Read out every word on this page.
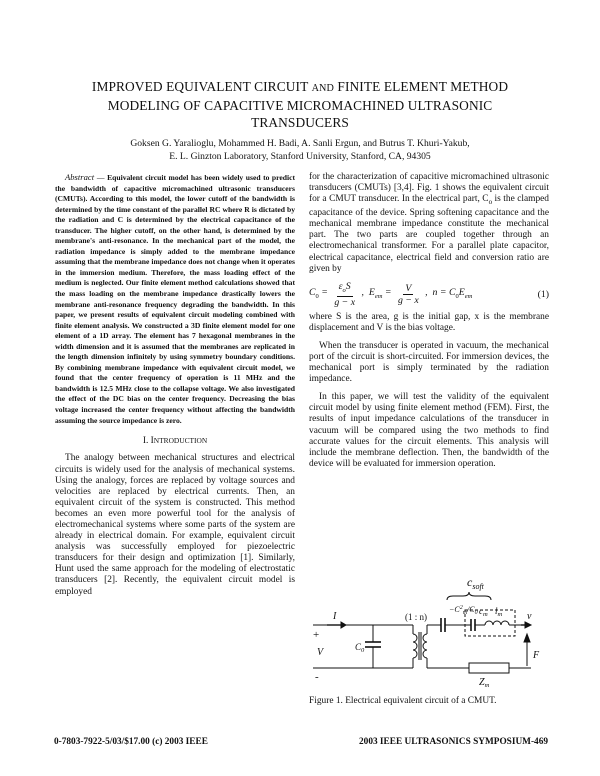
IMPROVED EQUIVALENT CIRCUIT AND FINITE ELEMENT METHOD
MODELING OF CAPACITIVE MICROMACHINED ULTRASONIC
TRANSDUCERS
Goksen G. Yaralioglu, Mohammed H. Badi, A. Sanli Ergun, and Butrus T. Khuri-Yakub,
E. L. Ginzton Laboratory, Stanford University, Stanford, CA, 94305

Abstract — Equivalent circuit model has been widely used to predict the bandwidth of capacitive micromachined ultrasonic transducers (CMUTs). According to this model, the lower cutoff of the bandwidth is determined by the time constant of the parallel RC where R is dictated by the radiation and C is determined by the electrical capacitance of the transducer. The higher cutoff, on the other hand, is determined by the membrane's anti-resonance. In the mechanical part of the model, the radiation impedance is simply added to the membrane impedance assuming that the membrane impedance does not change when it operates in the immersion medium. Therefore, the mass loading effect of the medium is neglected. Our finite element method calculations showed that the mass loading on the membrane impedance drastically lowers the membrane anti-resonance frequency degrading the bandwidth. In this paper, we present results of equivalent circuit modeling combined with finite element analysis. We constructed a 3D finite element model for one element of a 1D array. The element has 7 hexagonal membranes in the width dimension and it is assumed that the membranes are replicated in the length dimension infinitely by using symmetry boundary conditions. By combining membrane impedance with equivalent circuit model, we found that the center frequency of operation is 11 MHz and the bandwidth is 12.5 MHz close to the collapse voltage. We also investigated the effect of the DC bias on the center frequency. Decreasing the bias voltage increased the center frequency without affecting the bandwidth assuming the source impedance is zero.

I. INTRODUCTION

The analogy between mechanical structures and electrical circuits is widely used for the analysis of mechanical systems. Using the analogy, forces are replaced by voltage sources and velocities are replaced by electrical currents. Then, an equivalent circuit of the system is constructed. This method becomes an even more powerful tool for the analysis of electromechanical systems where some parts of the system are already in electrical domain. For example, equivalent circuit analysis was successfully employed for piezoelectric transducers for their design and optimization [1]. Similarly, Hunt used the same approach for the modeling of electrostatic transducers [2]. Recently, the equivalent circuit model is employed

for the characterization of capacitive micromachined ultrasonic transducers (CMUTs) [3,4]. Fig. 1 shows the equivalent circuit for a CMUT transducer. In the electrical part, $C_o$ is the clamped capacitance of the device. Spring softening capacitance and the mechanical membrane impedance constitute the mechanical part. The two parts are coupled together through an electromechanical transformer. For a parallel plate capacitor, electrical capacitance, electrical field and conversion ratio are given by

$C_0 = \frac{\varepsilon_oS}{g - x}$ ,  $E_{em} = \frac{V}{g - x}$ ,  $n = C_0E_{em}$	(1)

where S is the area, g is the initial gap, x is the membrane displacement and V is the bias voltage.

When the transducer is operated in vacuum, the mechanical port of the circuit is short-circuited. For immersion devices, the mechanical port is simply terminated by the radiation impedance.

In this paper, we will test the validity of the equivalent circuit model by using finite element method (FEM). First, the results of input impedance calculations of the transducer in vacuum will be compared using the two methods to find accurate values for the circuit elements. This analysis will include the membrane deflection. Then, the bandwidth of the device will be evaluated for immersion operation.

$c_{soft}$
$-C^2_m/C_0$ $c_m$ $l_m$ v
I
V	$C_0$
(1 : n)
$Z_m$
F
+
-
Figure 1. Electrical equivalent circuit of a CMUT.
0-7803-7922-5/03/$17.00 (c) 2003 IEEE	2003 IEEE ULTRASONICS SYMPOSIUM-469
